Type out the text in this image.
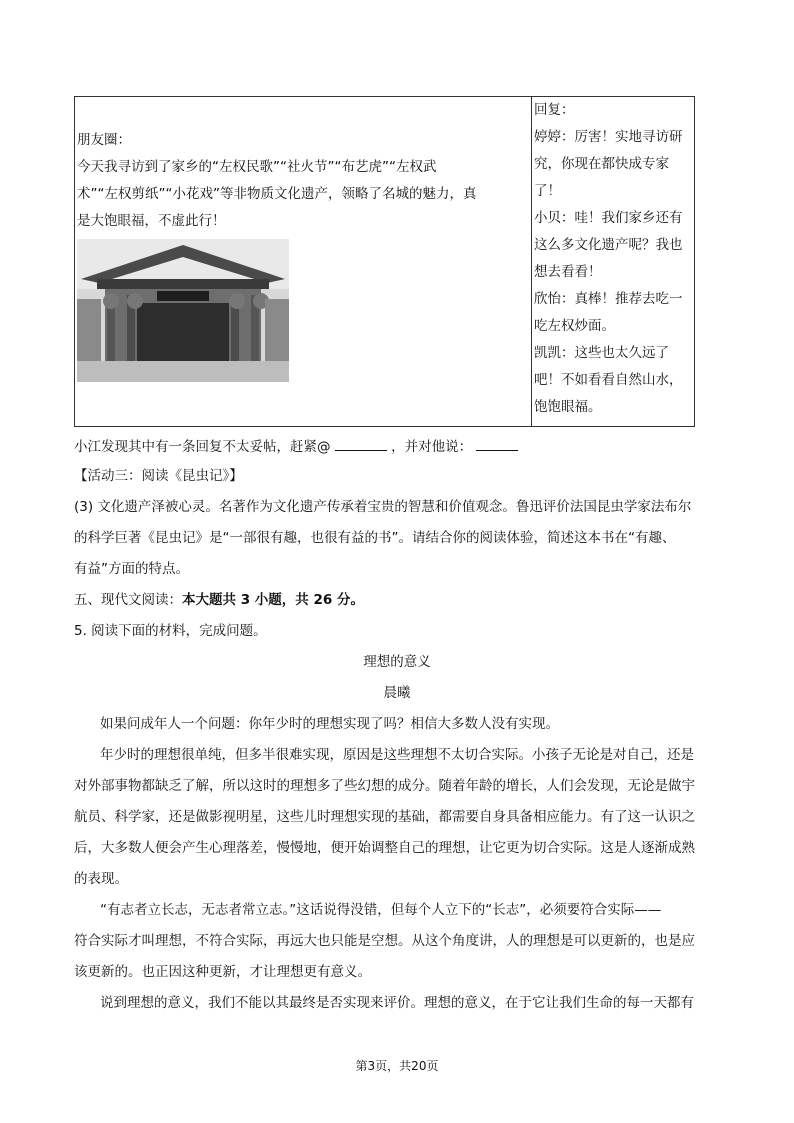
朋友圈：
今天我寻访到了家乡的“左权民歌”“社火节”“布艺虎”“左权武
术”“左权剪纸”“小花戏”等非物质文化遗产，领略了名城的魅力，真
是大饱眼福，不虚此行！

回复：
婷婷：厉害！实地寻访研
究，你现在都快成专家
了！
小贝：哇！我们家乡还有
这么多文化遗产呢？我也
想去看看！
欣怡：真棒！推荐去吃一
吃左权炒面。
凯凯：这些也太久远了
吧！不如看看自然山水，
饱饱眼福。
小江发现其中有一条回复不太妥帖，赶紧@	，并对他说：
【活动三：阅读《昆虫记》】
(3) 文化遗产泽被心灵。名著作为文化遗产传承着宝贵的智慧和价值观念。鲁迅评价法国昆虫学家法布尔
的科学巨著《昆虫记》是“一部很有趣，也很有益的书”。请结合你的阅读体验，简述这本书在“有趣、
有益”方面的特点。
五、现代文阅读：本大题共 3 小题，共 26 分。
5. 阅读下面的材料，完成问题。
理想的意义
晨曦
如果问成年人一个问题：你年少时的理想实现了吗？相信大多数人没有实现。
年少时的理想很单纯，但多半很难实现，原因是这些理想不太切合实际。小孩子无论是对自己，还是
对外部事物都缺乏了解，所以这时的理想多了些幻想的成分。随着年龄的增长，人们会发现，无论是做宇
航员、科学家，还是做影视明星，这些儿时理想实现的基础，都需要自身具备相应能力。有了这一认识之
后，大多数人便会产生心理落差，慢慢地，便开始调整自己的理想，让它更为切合实际。这是人逐渐成熟
的表现。
“有志者立长志，无志者常立志。”这话说得没错，但每个人立下的“长志”，必须要符合实际——
符合实际才叫理想，不符合实际，再远大也只能是空想。从这个角度讲，人的理想是可以更新的，也是应
该更新的。也正因这种更新，才让理想更有意义。
说到理想的意义，我们不能以其最终是否实现来评价。理想的意义，在于它让我们生命的每一天都有
第3页，共20页
